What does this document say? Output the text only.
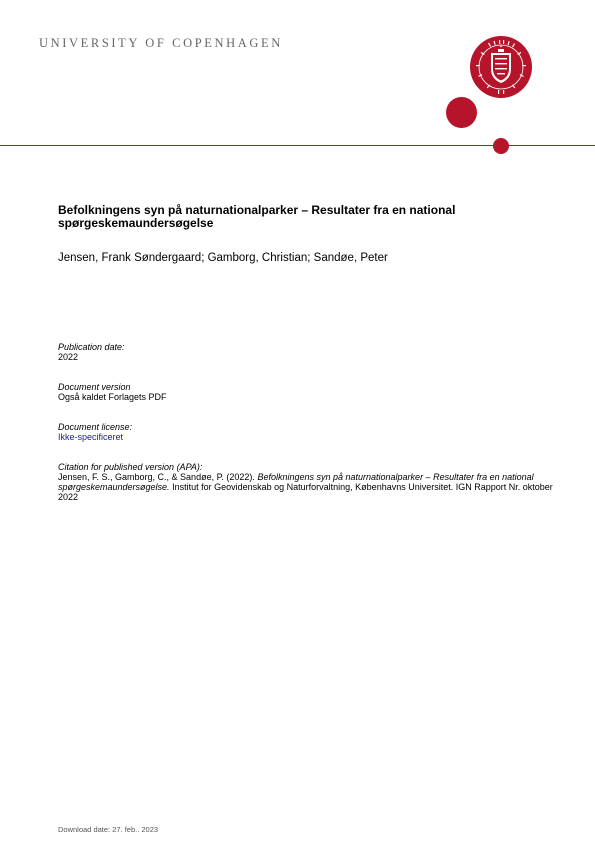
UNIVERSITY OF COPENHAGEN
Befolkningens syn på naturnationalparker – Resultater fra en national spørgeskemaundersøgelse
Jensen, Frank Søndergaard; Gamborg, Christian; Sandøe, Peter
Publication date:
2022
Document version
Også kaldet Forlagets PDF
Document license:
Ikke-specificeret
Citation for published version (APA):
Jensen, F. S., Gamborg, C., & Sandøe, P. (2022). Befolkningens syn på naturnationalparker – Resultater fra en national spørgeskemaundersøgelse. Institut for Geovidenskab og Naturforvaltning, Københavns Universitet. IGN Rapport Nr. oktober 2022
Download date: 27. feb.. 2023
